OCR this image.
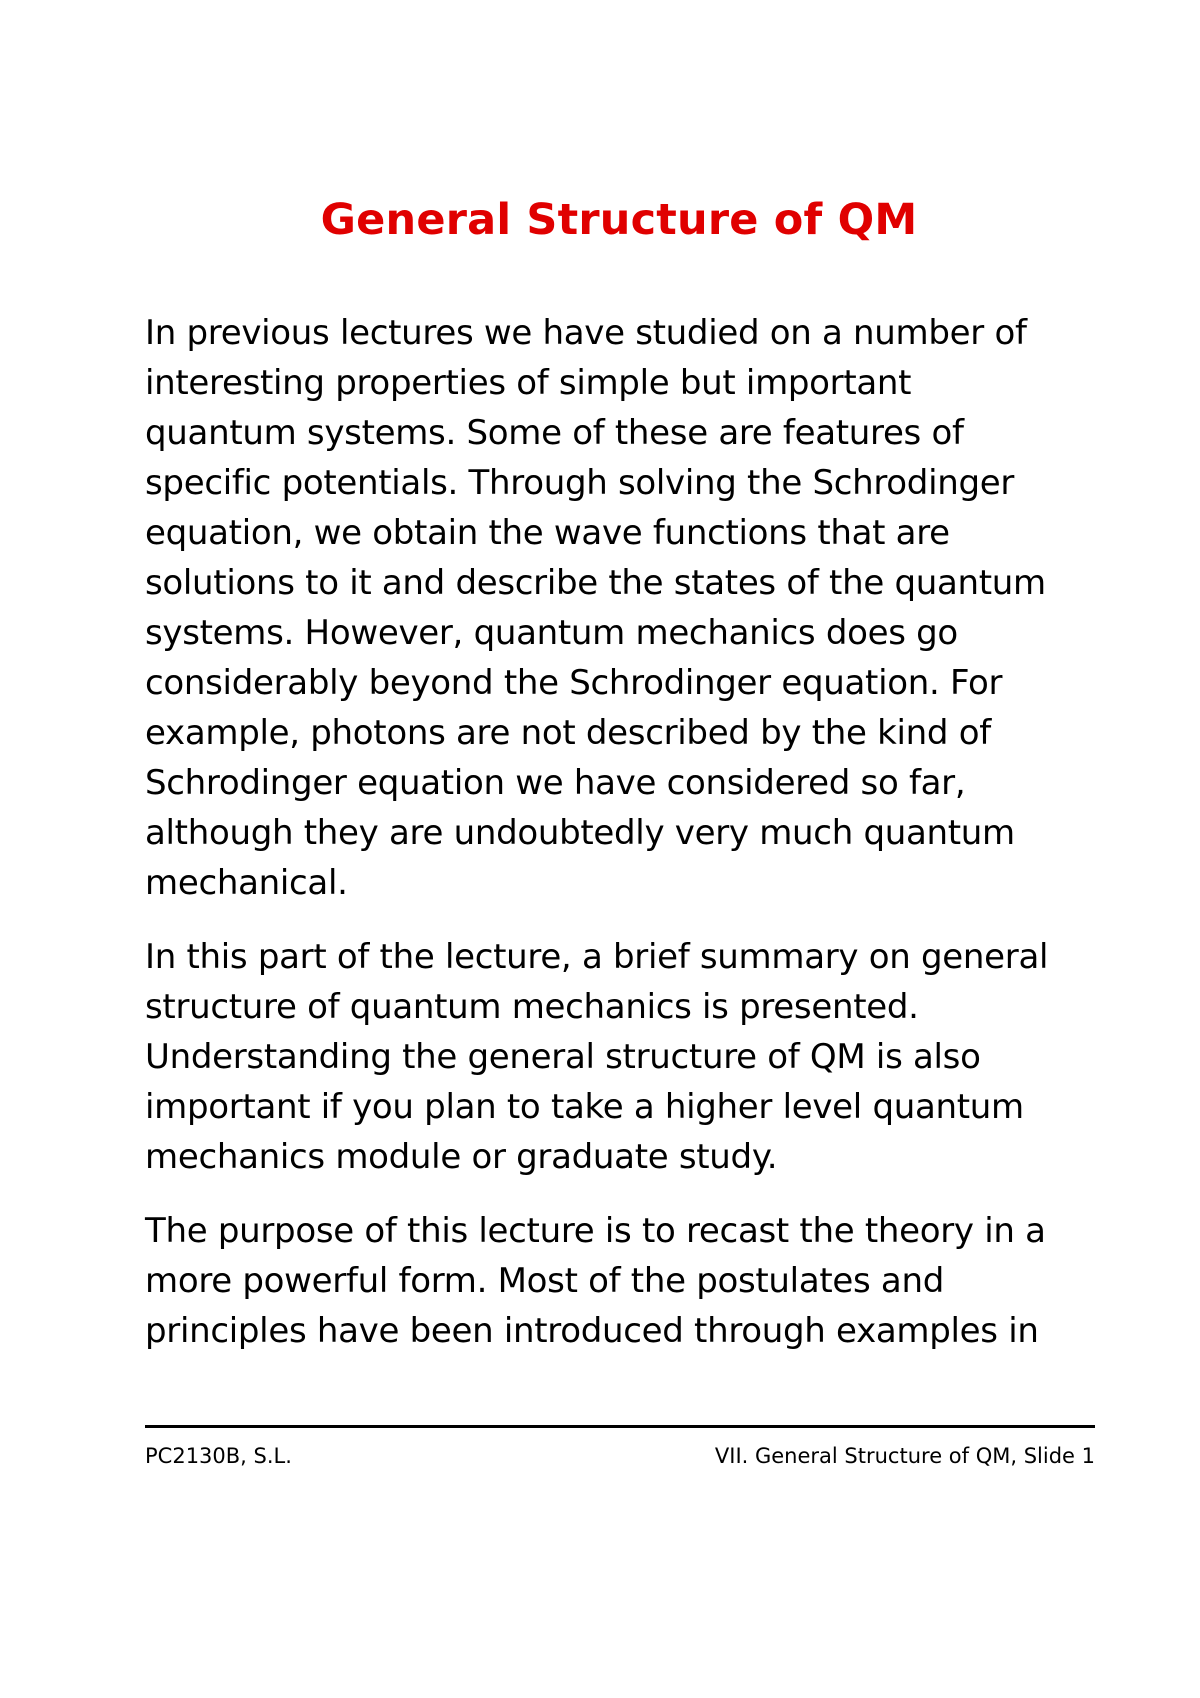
General Structure of QM

In previous lectures we have studied on a number of
interesting properties of simple but important
quantum systems. Some of these are features of
specific potentials. Through solving the Schrodinger
equation, we obtain the wave functions that are
solutions to it and describe the states of the quantum
systems. However, quantum mechanics does go
considerably beyond the Schrodinger equation. For
example, photons are not described by the kind of
Schrodinger equation we have considered so far,
although they are undoubtedly very much quantum
mechanical.

In this part of the lecture, a brief summary on general
structure of quantum mechanics is presented.
Understanding the general structure of QM is also
important if you plan to take a higher level quantum
mechanics module or graduate study.

The purpose of this lecture is to recast the theory in a
more powerful form. Most of the postulates and
principles have been introduced through examples in

PC2130B, S.L.	VII. General Structure of QM, Slide 1
